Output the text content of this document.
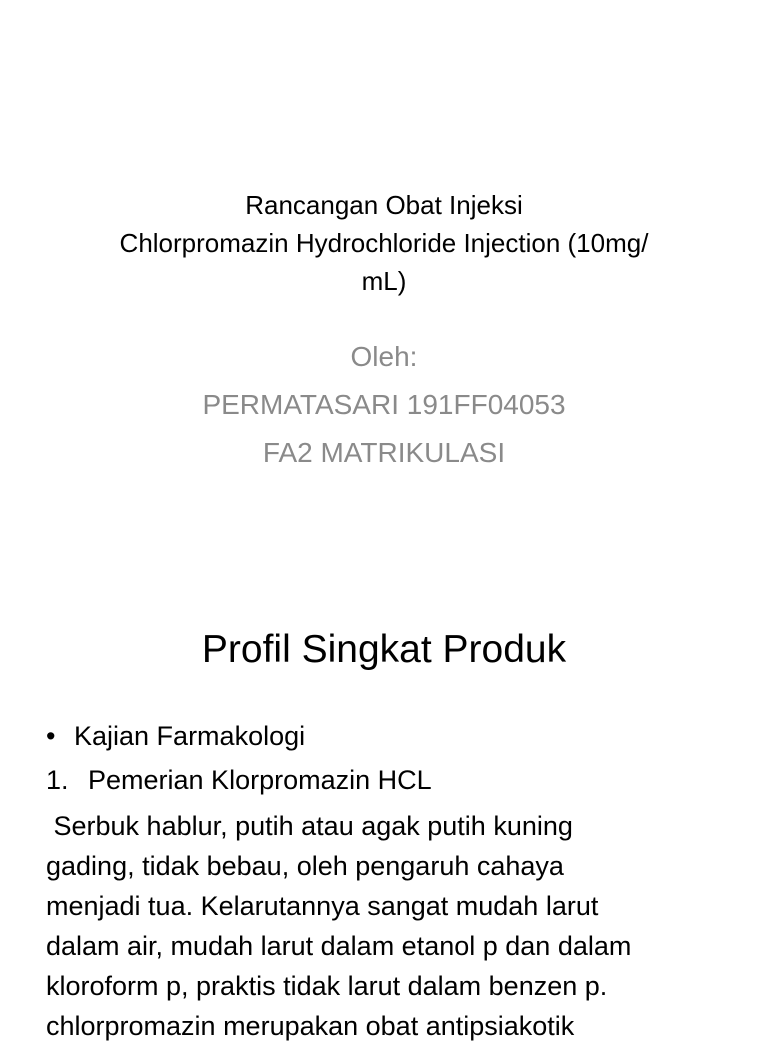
Rancangan Obat Injeksi
Chlorpromazin Hydrochloride Injection (10mg/
mL)
Oleh:
PERMATASARI 191FF04053
FA2 MATRIKULASI
Profil Singkat Produk
• Kajian Farmakologi
1. Pemerian Klorpromazin HCL
Serbuk hablur, putih atau agak putih kuning
gading, tidak bebau, oleh pengaruh cahaya
menjadi tua. Kelarutannya sangat mudah larut
dalam air, mudah larut dalam etanol p dan dalam
kloroform p, praktis tidak larut dalam benzen p.
chlorpromazin merupakan obat antipsiakotik
